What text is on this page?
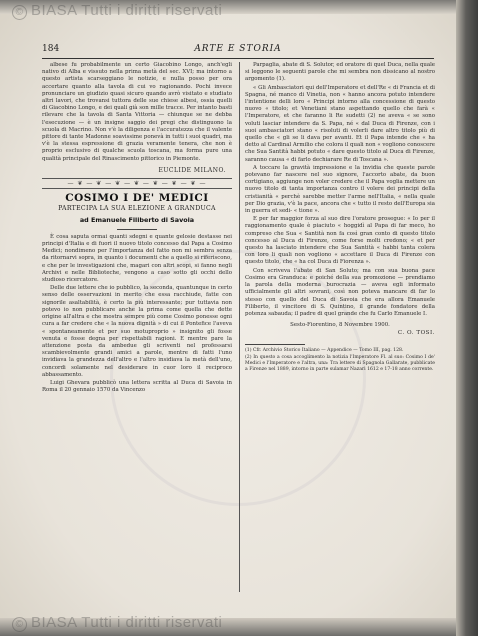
© BIASA Tutti i diritti riservati
© BIASA Tutti i diritti riservati
184	ARTE E STORIA

albese fu probabilmente un certo Giacobino Longo, anch'egli nativo di Alba e vissuto nella prima metà del sec. XVI; ma intorno a questo artista scarseggiano le notizie, e nulla posso per ora accertare quanto alla tavola di cui vo ragionando. Pochi invece pronunciare un giudizio quasi sicuro quando avrò visitato e studiato altri lavori, che trovansi tuttora delle sue chiese albesi, ossia quelli di Giacobino Longo, e dei quali già son mille tracce. Per intanto basti rilevare che la tavola di Santa Vittoria — chiunque se ne debba l'esecuzione — è un insigne saggio dei pregi che distinguono la scuola di Macrino. Non v'è la diligenza e l'accuratezza che il valente pittore di tante Madonne soavissime ponevà in tutti i suoi quadri, ma v'è la stessa espressione di grazia veramente tenera, che non è proprio esclusivo di qualche scuola toscana, ma forma pure una qualità principale del Rinascimento pittorico in Piemonte.

EUCLIDE MILANO.
— ❦ — ❦ — ❦ — ❦ — ❦ — ❦ — ❦ —
COSIMO I DE' MEDICI
PARTECIPA LA SUA ELEZIONE A GRANDUCA
ad Emanuele Filiberto di Savoia

È cosa saputa ormai quanti sdegni e quante gelosie destasse nei principi d'Italia e di fuori il nuovo titolo concesso dal Papa a Cosimo Medici; nondimeno per l'importanza del fatto non mi sembra senza da ritornarvi sopra, in quanto i documenti che a quello si riferiscono, e che per le investigazioni che, magari con altri scopi, si fanno negli Archivi e nelle Biblioteche, vengono a caso sotto gli occhi dello studioso ricercatore.

Delle due lettere che io pubblico, la seconda, quantunque in certo senso delle osservazioni in merito che essa racchiude, fatte con signorile asaltabilità, è certo la più interessante; pur tuttavia non potevo io non pubblicare anche la prima come quella che dette origine all'altra e che mostra sempre più come Cosimo ponesse ogni cura a far credere che « la nuova dignità » di cui il Pontefice l'aveva « spontaneamente et per suo motuproprio » insignito gli fosse venuta e fosse degna per rispettabili ragioni. E mentre pare la attenzione posta da ambedue gli scriventi nel professarsi scambievolmente grandi amici a parole, mentre di fatti l'uno invidiava la grandezza dell'altro e l'altro insidiava la metà dell'uno, concordi solamente nel desiderare in cuor loro il reciproco abbassamento.

Luigi Ghevara pubblicò una lettera scritta al Duca di Savoia in Roma il 20 gennaio 1570 da Vincenzo

Parpaglia, abate di S. Solutor, ed oratore di quel Duca, nella quale si leggono le seguenti parole che mi sembra non dissicano al nostro argomento (1).

« Gli Ambasciatori qui dell'Imperatore et dell'Re « di Francia et di Spagna, né manco di Vinetia, non « hanno ancora potuto intendere l'intentione delli loro « Principi intorno alla concessione di questo nuovo « titolo; et Venetiani stano aspettando quello che farà « l'Imperatore, et che faranno li Re sudetti (2) ne aveva « se sono voluti lasciar intendere da S. Papa, né « dal Duca di Firenze, con i suoi ambasciatori stano « risoluti di volerli dare altro titolo più di quello che « gli se li dava per avanti. Et il Papa intende che « ha detto al Cardinal Armilio che colora il quali non « vogliono conoscere che Sua Santità habbi potuto « dare questo titolo al Duca di Firenze, saranno causa « di farlo dechiarare Re di Toscana ».

A toccare la gravità impressione e la invidia che queste parole potevano far nascere nel suo signore, l'accorto abate, da buon cortigiano, aggiunge non voler credere che il Papa voglia mettere un nuovo titolo di tanta importanza contro il volere dei principi della cristianità « perchè sarebbe metter l'arme nell'Italia, « nella quale per Dio grazia, v'è la pace, ancora che « tutto il resto dell'Europa sia in guerra et sedi- « tione ».

E per far maggior forza al suo dire l'oratore prosegue: « Io per il raggionamento quale è piaciuto « hoggidì al Papa di far meco, ho compreso che Sua « Santità non fa così gran conto di questo titolo concesso al Duca di Firenze, come forse molti credono; « et per questo ha lasciato intendere che Sua Santità « habbi tanta colera con loro li quali non vogliono « accettare il Duca di Firenze con questo titolo, che « ha col Duca di Fiorenza ».

Con scriveva l'abate di San Soluto; ma con sua buona pace Cosimo era Granduca: e poiché della sua promozione — prendiamo la parola della moderna burocrazia — aveva egli informato ufficialmente gli altri sovrani, così non poteva mancare di far lo stesso con quello del Duca di Savoia che era allora Emanuele Filiberto, il vincitore di S. Quintino, il grande fondatore della potenza sabauda; il padre di quel grande che fu Carlo Emanuele I.

Sesto-Fiorentino, 8 Novembre 1900.
C. O. TOSI.

(1) Cfr. Archivio Storico Italiano — Appendice — Tomo III, pag. 128.

(2) In questo a cosa accoglimento la notizia l'Imperatore Fl. al suo: Cosimo I de' Medici e l'Imperatore e l'altra, una: Tra lettere di Spagnola Gallarate, pubblicate a Firenze nel 1889, intorno in parte sulamar Nazari 1612 e 17-18 anno corrente.
